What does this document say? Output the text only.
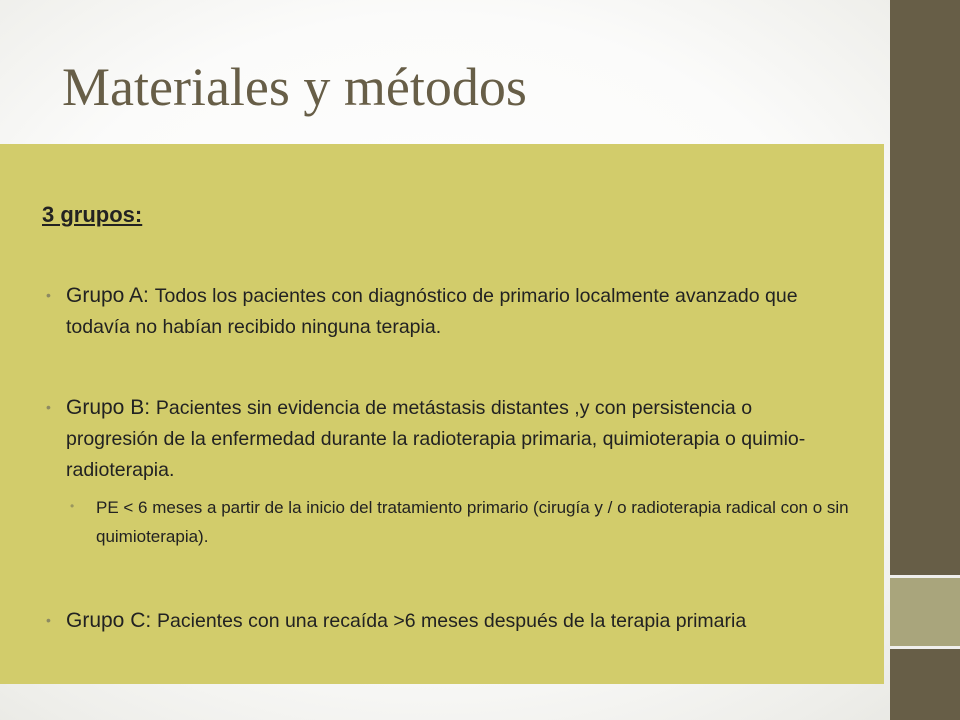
Materiales y métodos
3 grupos:
• Grupo A: Todos los pacientes con diagnóstico de primario localmente avanzado que todavía no habían recibido ninguna terapia.
• Grupo B: Pacientes sin evidencia de metástasis distantes ,y con persistencia o progresión de la enfermedad durante la radioterapia primaria, quimioterapia o quimio-radioterapia.
• PE < 6 meses a partir de la inicio del tratamiento primario (cirugía y / o radioterapia radical con o sin quimioterapia).
• Grupo C: Pacientes con una recaída >6 meses después de la terapia primaria
